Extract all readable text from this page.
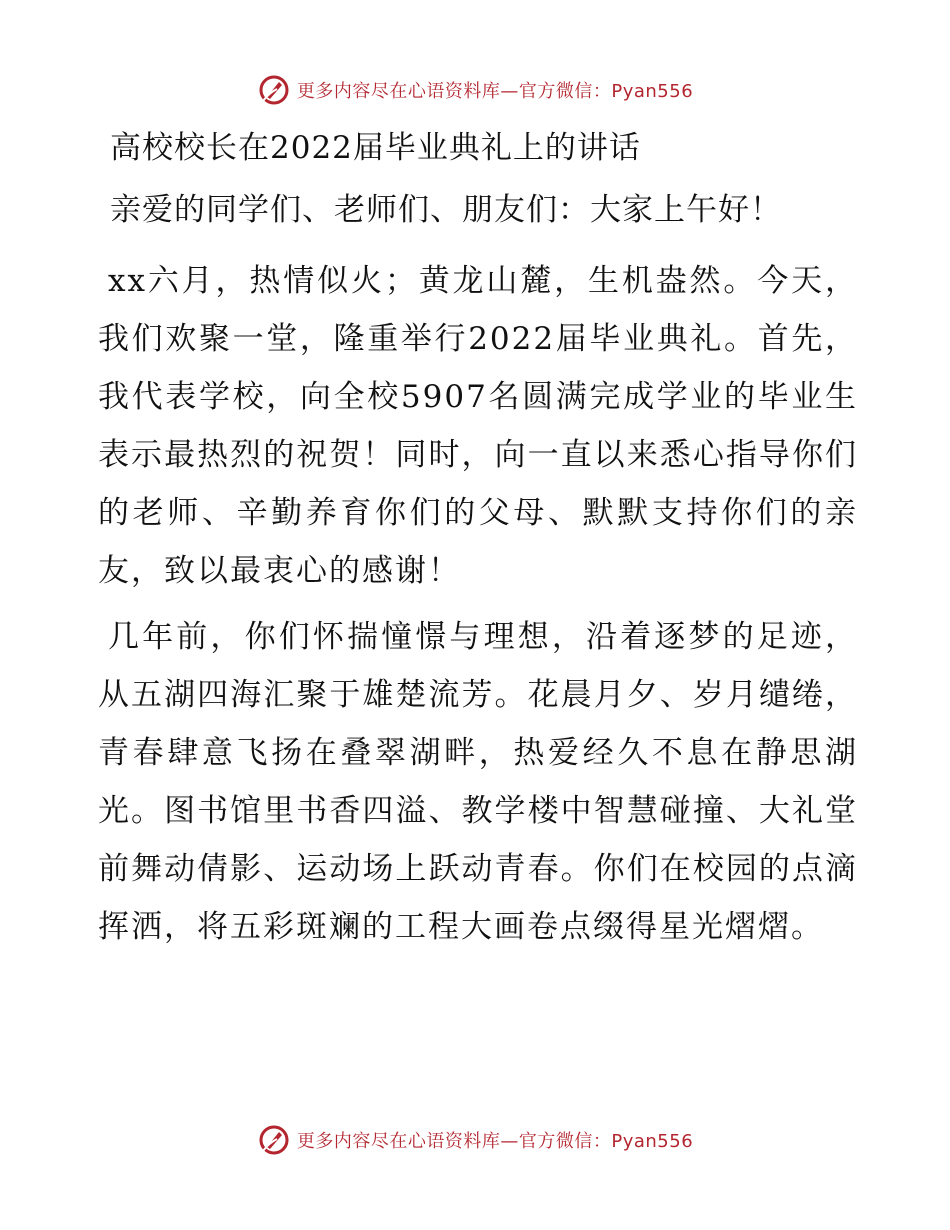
更多内容尽在心语资料库—官方微信：Pyan556
高校校长在2022届毕业典礼上的讲话

亲爱的同学们、老师们、朋友们：大家上午好！

xx六月，热情似火；黄龙山麓，生机盎然。今天，我们欢聚一堂，隆重举行2022届毕业典礼。首先，我代表学校，向全校5907名圆满完成学业的毕业生表示最热烈的祝贺！同时，向一直以来悉心指导你们的老师、辛勤养育你们的父母、默默支持你们的亲友，致以最衷心的感谢！

几年前，你们怀揣憧憬与理想，沿着逐梦的足迹，从五湖四海汇聚于雄楚流芳。花晨月夕、岁月缱绻，青春肆意飞扬在叠翠湖畔，热爱经久不息在静思湖光。图书馆里书香四溢、教学楼中智慧碰撞、大礼堂前舞动倩影、运动场上跃动青春。你们在校园的点滴挥洒，将五彩斑斓的工程大画卷点缀得星光熠熠。

更多内容尽在心语资料库—官方微信：Pyan556
